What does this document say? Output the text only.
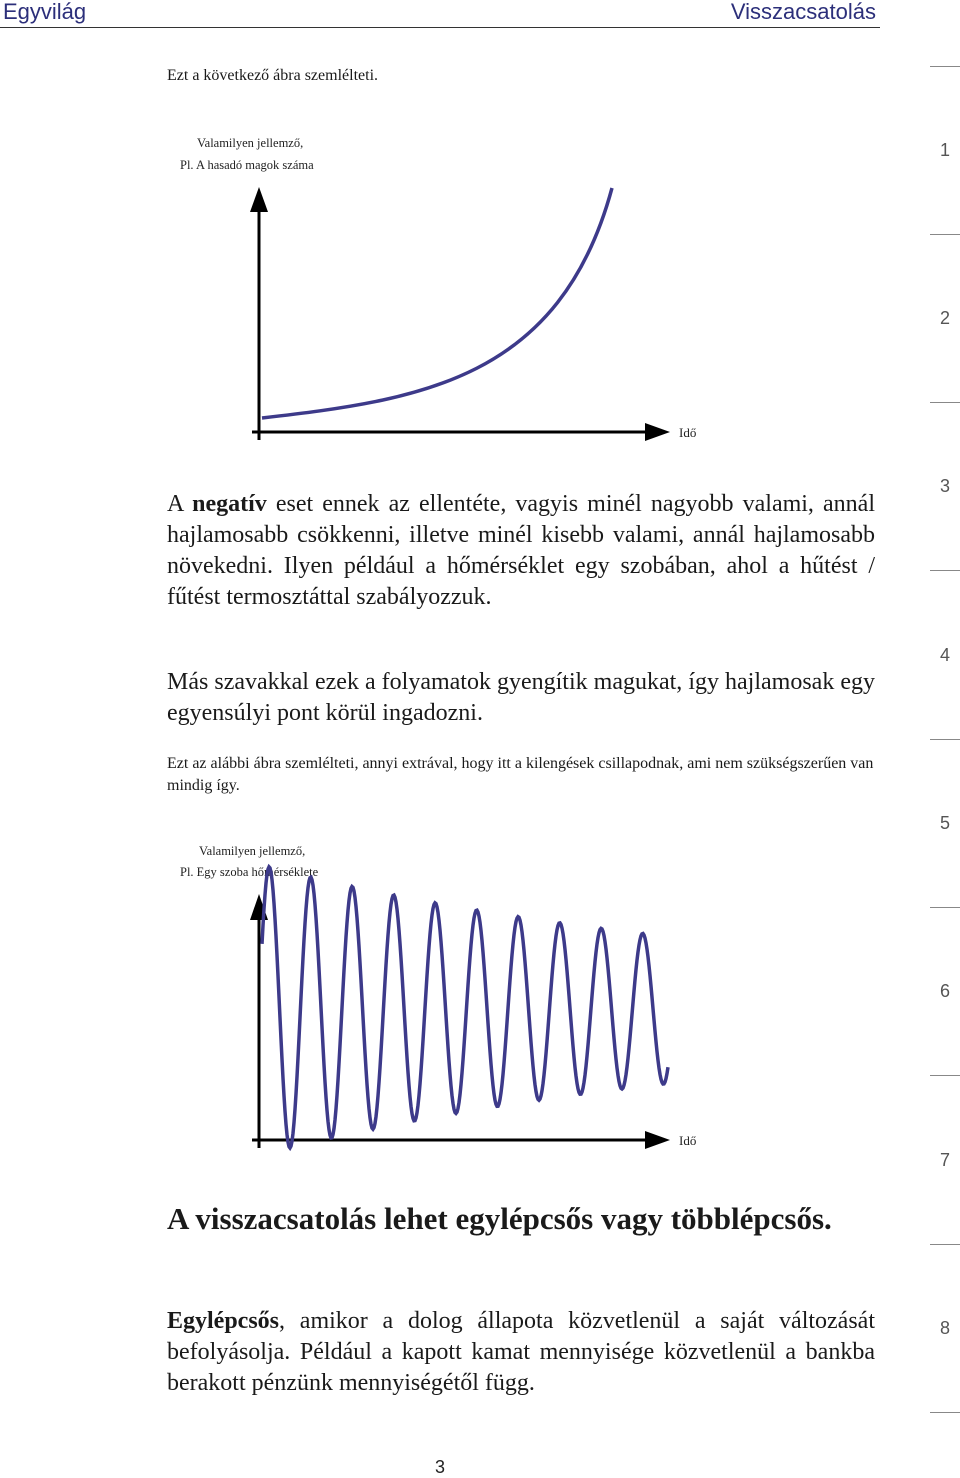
Egyvilág	Visszacsatolás
1
2
3
4
5
6
7
8

Ezt a következő ábra szemlélteti.

Valamilyen jellemző,
Pl. A hasadó magok száma
Idő

A negatív eset ennek az ellentéte, vagyis minél nagyobb valami, annál hajlamosabb csökkenni, illetve minél kisebb valami, annál hajlamosabb növekedni. Ilyen például a hőmérséklet egy szobában, ahol a hűtést / fűtést termosztáttal szabályozzuk.

Más szavakkal ezek a folyamatok gyengítik magukat, így hajlamosak egy egyensúlyi pont körül ingadozni.

Ezt az alábbi ábra szemlélteti, annyi extrával, hogy itt a kilengések csillapodnak, ami nem szükségszerűen van mindig így.

Valamilyen jellemző,
Pl. Egy szoba hőmérséklete
Idő
A visszacsatolás lehet egylépcsős vagy többlépcsős.

Egylépcsős, amikor a dolog állapota közvetlenül a saját változását befolyásolja. Például a kapott kamat mennyisége közvetlenül a bankba berakott pénzünk mennyiségétől függ.

3
